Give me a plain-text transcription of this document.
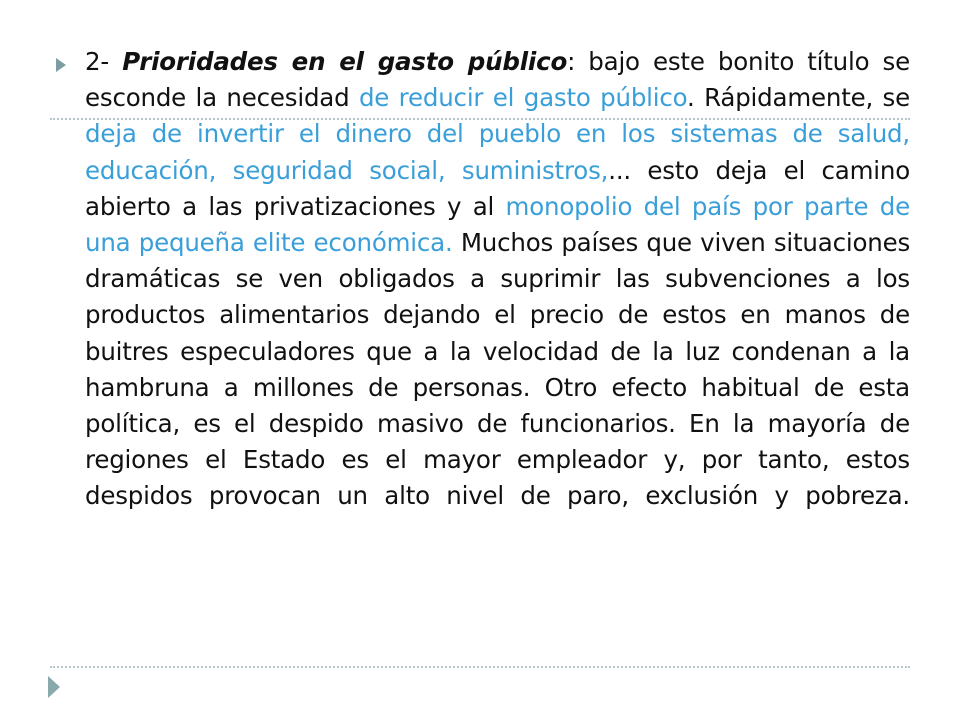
2- Prioridades en el gasto público: bajo este bonito título se esconde la necesidad de reducir el gasto público. Rápidamente, se deja de invertir el dinero del pueblo en los sistemas de salud, educación, seguridad social, suministros,... esto deja el camino abierto a las privatizaciones y al monopolio del país por parte de una pequeña elite económica. Muchos países que viven situaciones dramáticas se ven obligados a suprimir las subvenciones a los productos alimentarios dejando el precio de estos en manos de buitres especuladores que a la velocidad de la luz condenan a la hambruna a millones de personas. Otro efecto habitual de esta política, es el despido masivo de funcionarios. En la mayoría de regiones el Estado es el mayor empleador y, por tanto, estos despidos provocan un alto nivel de paro, exclusión y pobreza.
